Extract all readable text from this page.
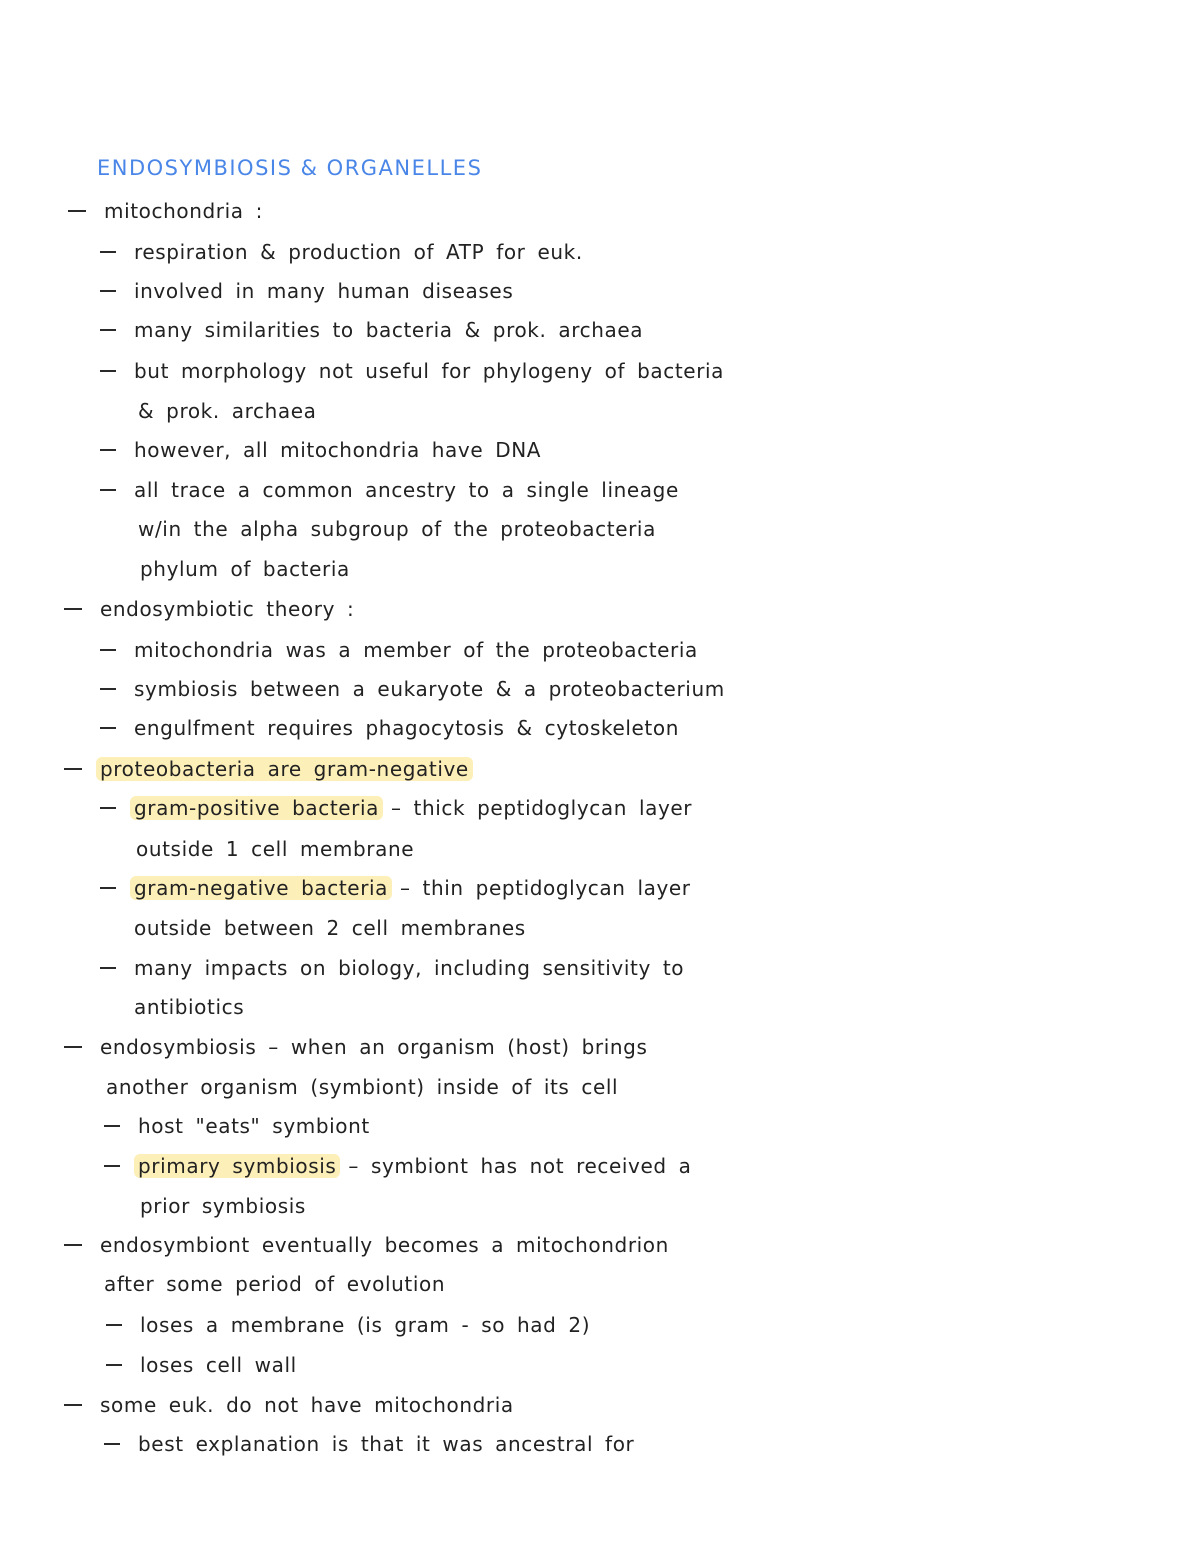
ENDOSYMBIOSIS & ORGANELLES
mitochondria :
respiration & production of ATP for euk.
involved in many human diseases
many similarities to bacteria & prok. archaea
but morphology not useful for phylogeny of bacteria
& prok. archaea
however, all mitochondria have DNA
all trace a common ancestry to a single lineage
w/in the alpha subgroup of the proteobacteria
phylum of bacteria
endosymbiotic theory :
mitochondria was a member of the proteobacteria
symbiosis between a eukaryote & a proteobacterium
engulfment requires phagocytosis & cytoskeleton
proteobacteria are gram-negative
gram-positive bacteria – thick peptidoglycan layer
outside 1 cell membrane
gram-negative bacteria – thin peptidoglycan layer
outside between 2 cell membranes
many impacts on biology, including sensitivity to
antibiotics
endosymbiosis – when an organism (host) brings
another organism (symbiont) inside of its cell
host "eats" symbiont
primary symbiosis – symbiont has not received a
prior symbiosis
endosymbiont eventually becomes a mitochondrion
after some period of evolution
loses a membrane (is gram - so had 2)
loses cell wall
some euk. do not have mitochondria
best explanation is that it was ancestral for
